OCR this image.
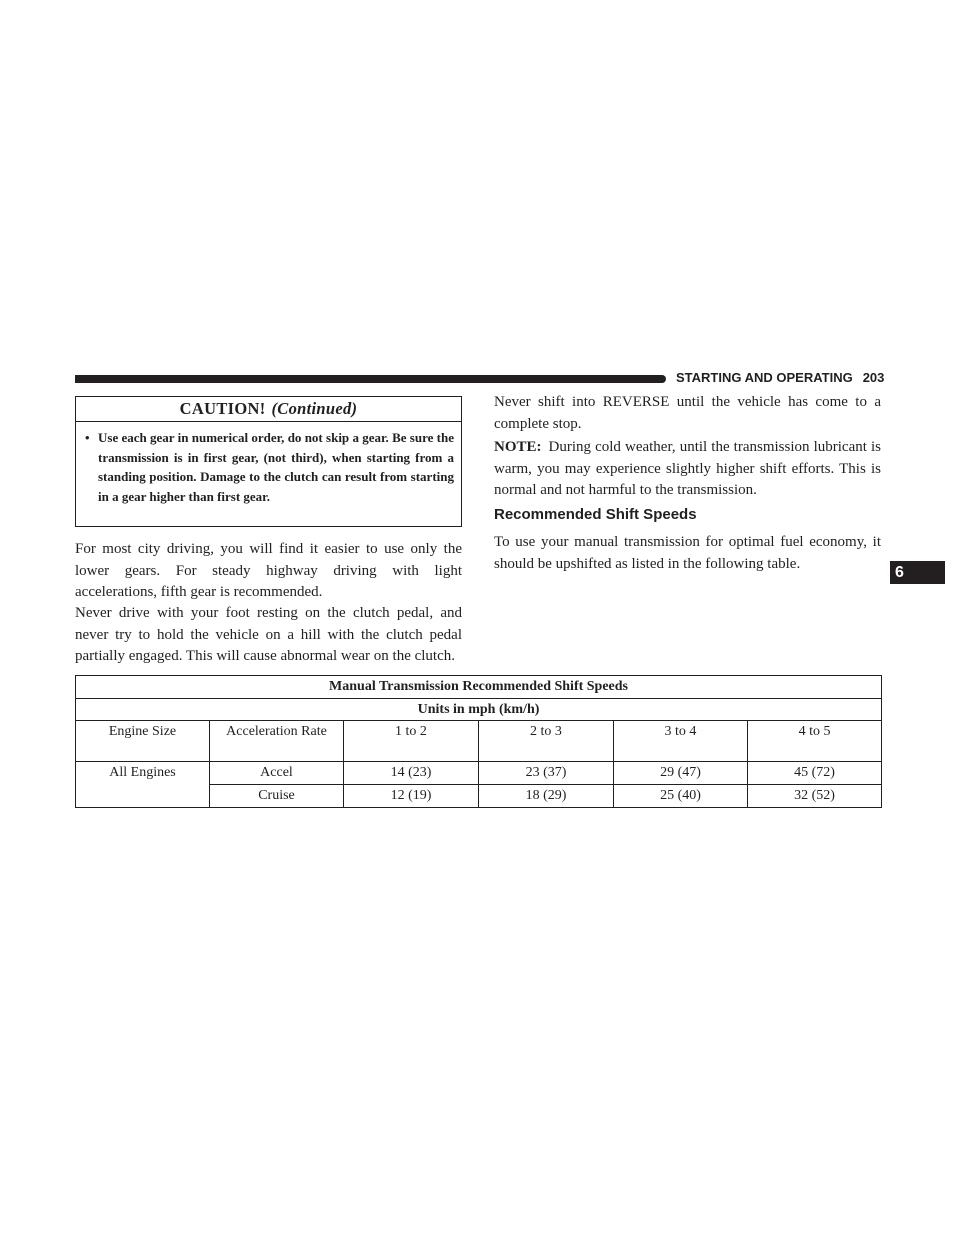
STARTING AND OPERATING 203
6
CAUTION! (Continued)
• Use each gear in numerical order, do not skip a gear. Be sure the transmission is in first gear, (not third), when starting from a standing position. Damage to the clutch can result from starting in a gear higher than first gear.

For most city driving, you will find it easier to use only the lower gears. For steady highway driving with light accelerations, fifth gear is recommended.

Never drive with your foot resting on the clutch pedal, and never try to hold the vehicle on a hill with the clutch pedal partially engaged. This will cause abnormal wear on the clutch.

Never shift into REVERSE until the vehicle has come to a complete stop.

NOTE: During cold weather, until the transmission lubricant is warm, you may experience slightly higher shift efforts. This is normal and not harmful to the transmission.

Recommended Shift Speeds

To use your manual transmission for optimal fuel economy, it should be upshifted as listed in the following table.

Manual Transmission Recommended Shift Speeds					
Units in mph (km/h)					
Engine Size	Acceleration Rate	1 to 2	2 to 3	3 to 4	4 to 5
All Engines	Accel	14 (23)	23 (37)	29 (47)	45 (72)
	Cruise	12 (19)	18 (29)	25 (40)	32 (52)
